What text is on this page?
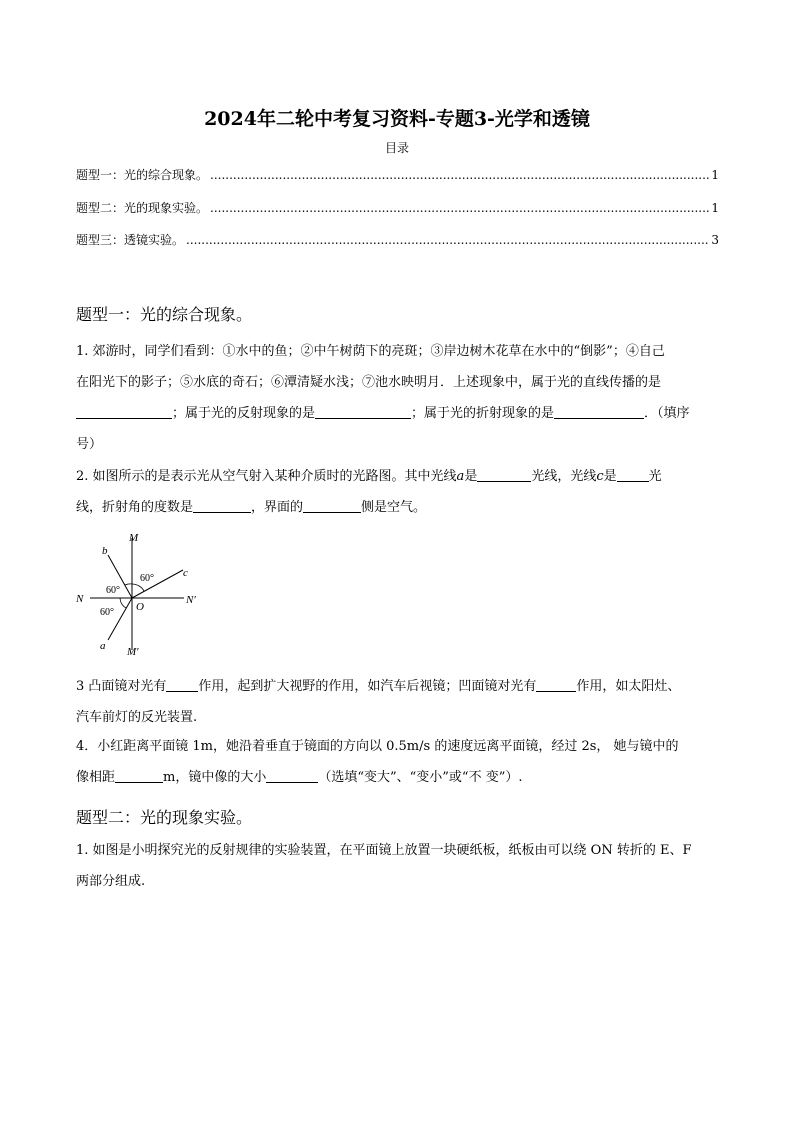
2024年二轮中考复习资料-专题3-光学和透镜
目录
题型一：光的综合现象。 .....	1
题型二：光的现象实验。 .....	1
题型三：透镜实验。 .....	3
题型一：光的综合现象。
1. 郊游时，同学们看到：①水中的鱼；②中午树荫下的亮斑；③岸边树木花草在水中的“倒影”；④自己
在阳光下的影子；⑤水底的奇石；⑥潭清疑水浅；⑦池水映明月．上述现象中，属于光的直线传播的是
；属于光的反射现象的是	；属于光的折射现象的是	．（填序
号）
2. 如图所示的是表示光从空气射入某种介质时的光路图。其中光线a是	光线，光线c是 光
线，折射角的度数是	，界面的	侧是空气。
M
M′
N	N′
O
b
c
a
60°
60°
60°
3 凸面镜对光有 作用，起到扩大视野的作用，如汽车后视镜；凹面镜对光有	作用，如太阳灶、
汽车前灯的反光装置.
4．小红距离平面镜 1m，她沿着垂直于镜面的方向以 0.5m/s 的速度远离平面镜，经过 2s， 她与镜中的
像相距	m，镜中像的大小	（选填“变大”、“变小”或“不 变”）.
题型二：光的现象实验。
1. 如图是小明探究光的反射规律的实验装置，在平面镜上放置一块硬纸板，纸板由可以绕 ON 转折的 E、F
两部分组成.
